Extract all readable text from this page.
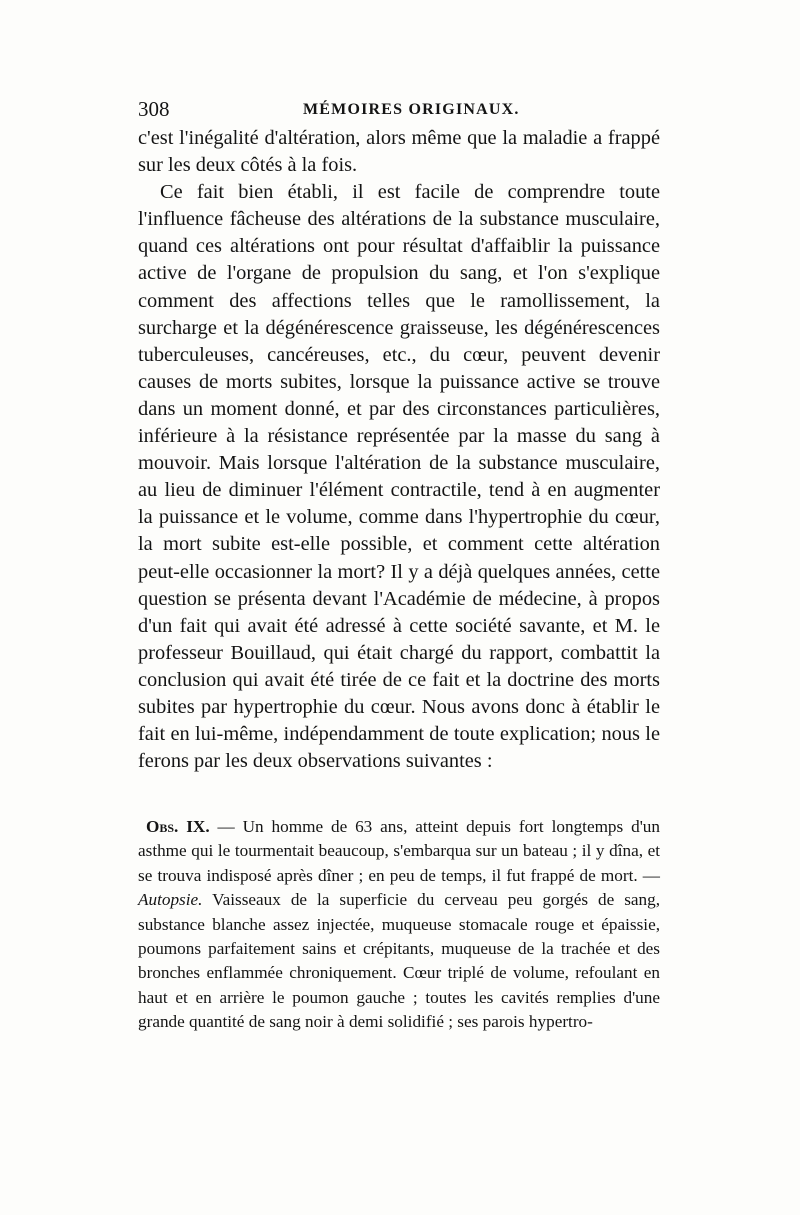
308	MÉMOIRES ORIGINAUX.

c'est l'inégalité d'altération, alors même que la maladie a frappé sur les deux côtés à la fois.

Ce fait bien établi, il est facile de comprendre toute l'influence fâcheuse des altérations de la substance musculaire, quand ces altérations ont pour résultat d'affaiblir la puissance active de l'organe de propulsion du sang, et l'on s'explique comment des affections telles que le ramollissement, la surcharge et la dégénérescence graisseuse, les dégénérescences tuberculeuses, cancéreuses, etc., du cœur, peuvent devenir causes de morts subites, lorsque la puissance active se trouve dans un moment donné, et par des circonstances particulières, inférieure à la résistance représentée par la masse du sang à mouvoir. Mais lorsque l'altération de la substance musculaire, au lieu de diminuer l'élément contractile, tend à en augmenter la puissance et le volume, comme dans l'hypertrophie du cœur, la mort subite est-elle possible, et comment cette altération peut-elle occasionner la mort? Il y a déjà quelques années, cette question se présenta devant l'Académie de médecine, à propos d'un fait qui avait été adressé à cette société savante, et M. le professeur Bouillaud, qui était chargé du rapport, combattit la conclusion qui avait été tirée de ce fait et la doctrine des morts subites par hypertrophie du cœur. Nous avons donc à établir le fait en lui-même, indépendamment de toute explication; nous le ferons par les deux observations suivantes :

Obs. IX. — Un homme de 63 ans, atteint depuis fort longtemps d'un asthme qui le tourmentait beaucoup, s'embarqua sur un bateau ; il y dîna, et se trouva indisposé après dîner ; en peu de temps, il fut frappé de mort. — Autopsie. Vaisseaux de la superficie du cerveau peu gorgés de sang, substance blanche assez injectée, muqueuse stomacale rouge et épaissie, poumons parfaitement sains et crépitants, muqueuse de la trachée et des bronches enflammée chroniquement. Cœur triplé de volume, refoulant en haut et en arrière le poumon gauche ; toutes les cavités remplies d'une grande quantité de sang noir à demi solidifié ; ses parois hypertro-
